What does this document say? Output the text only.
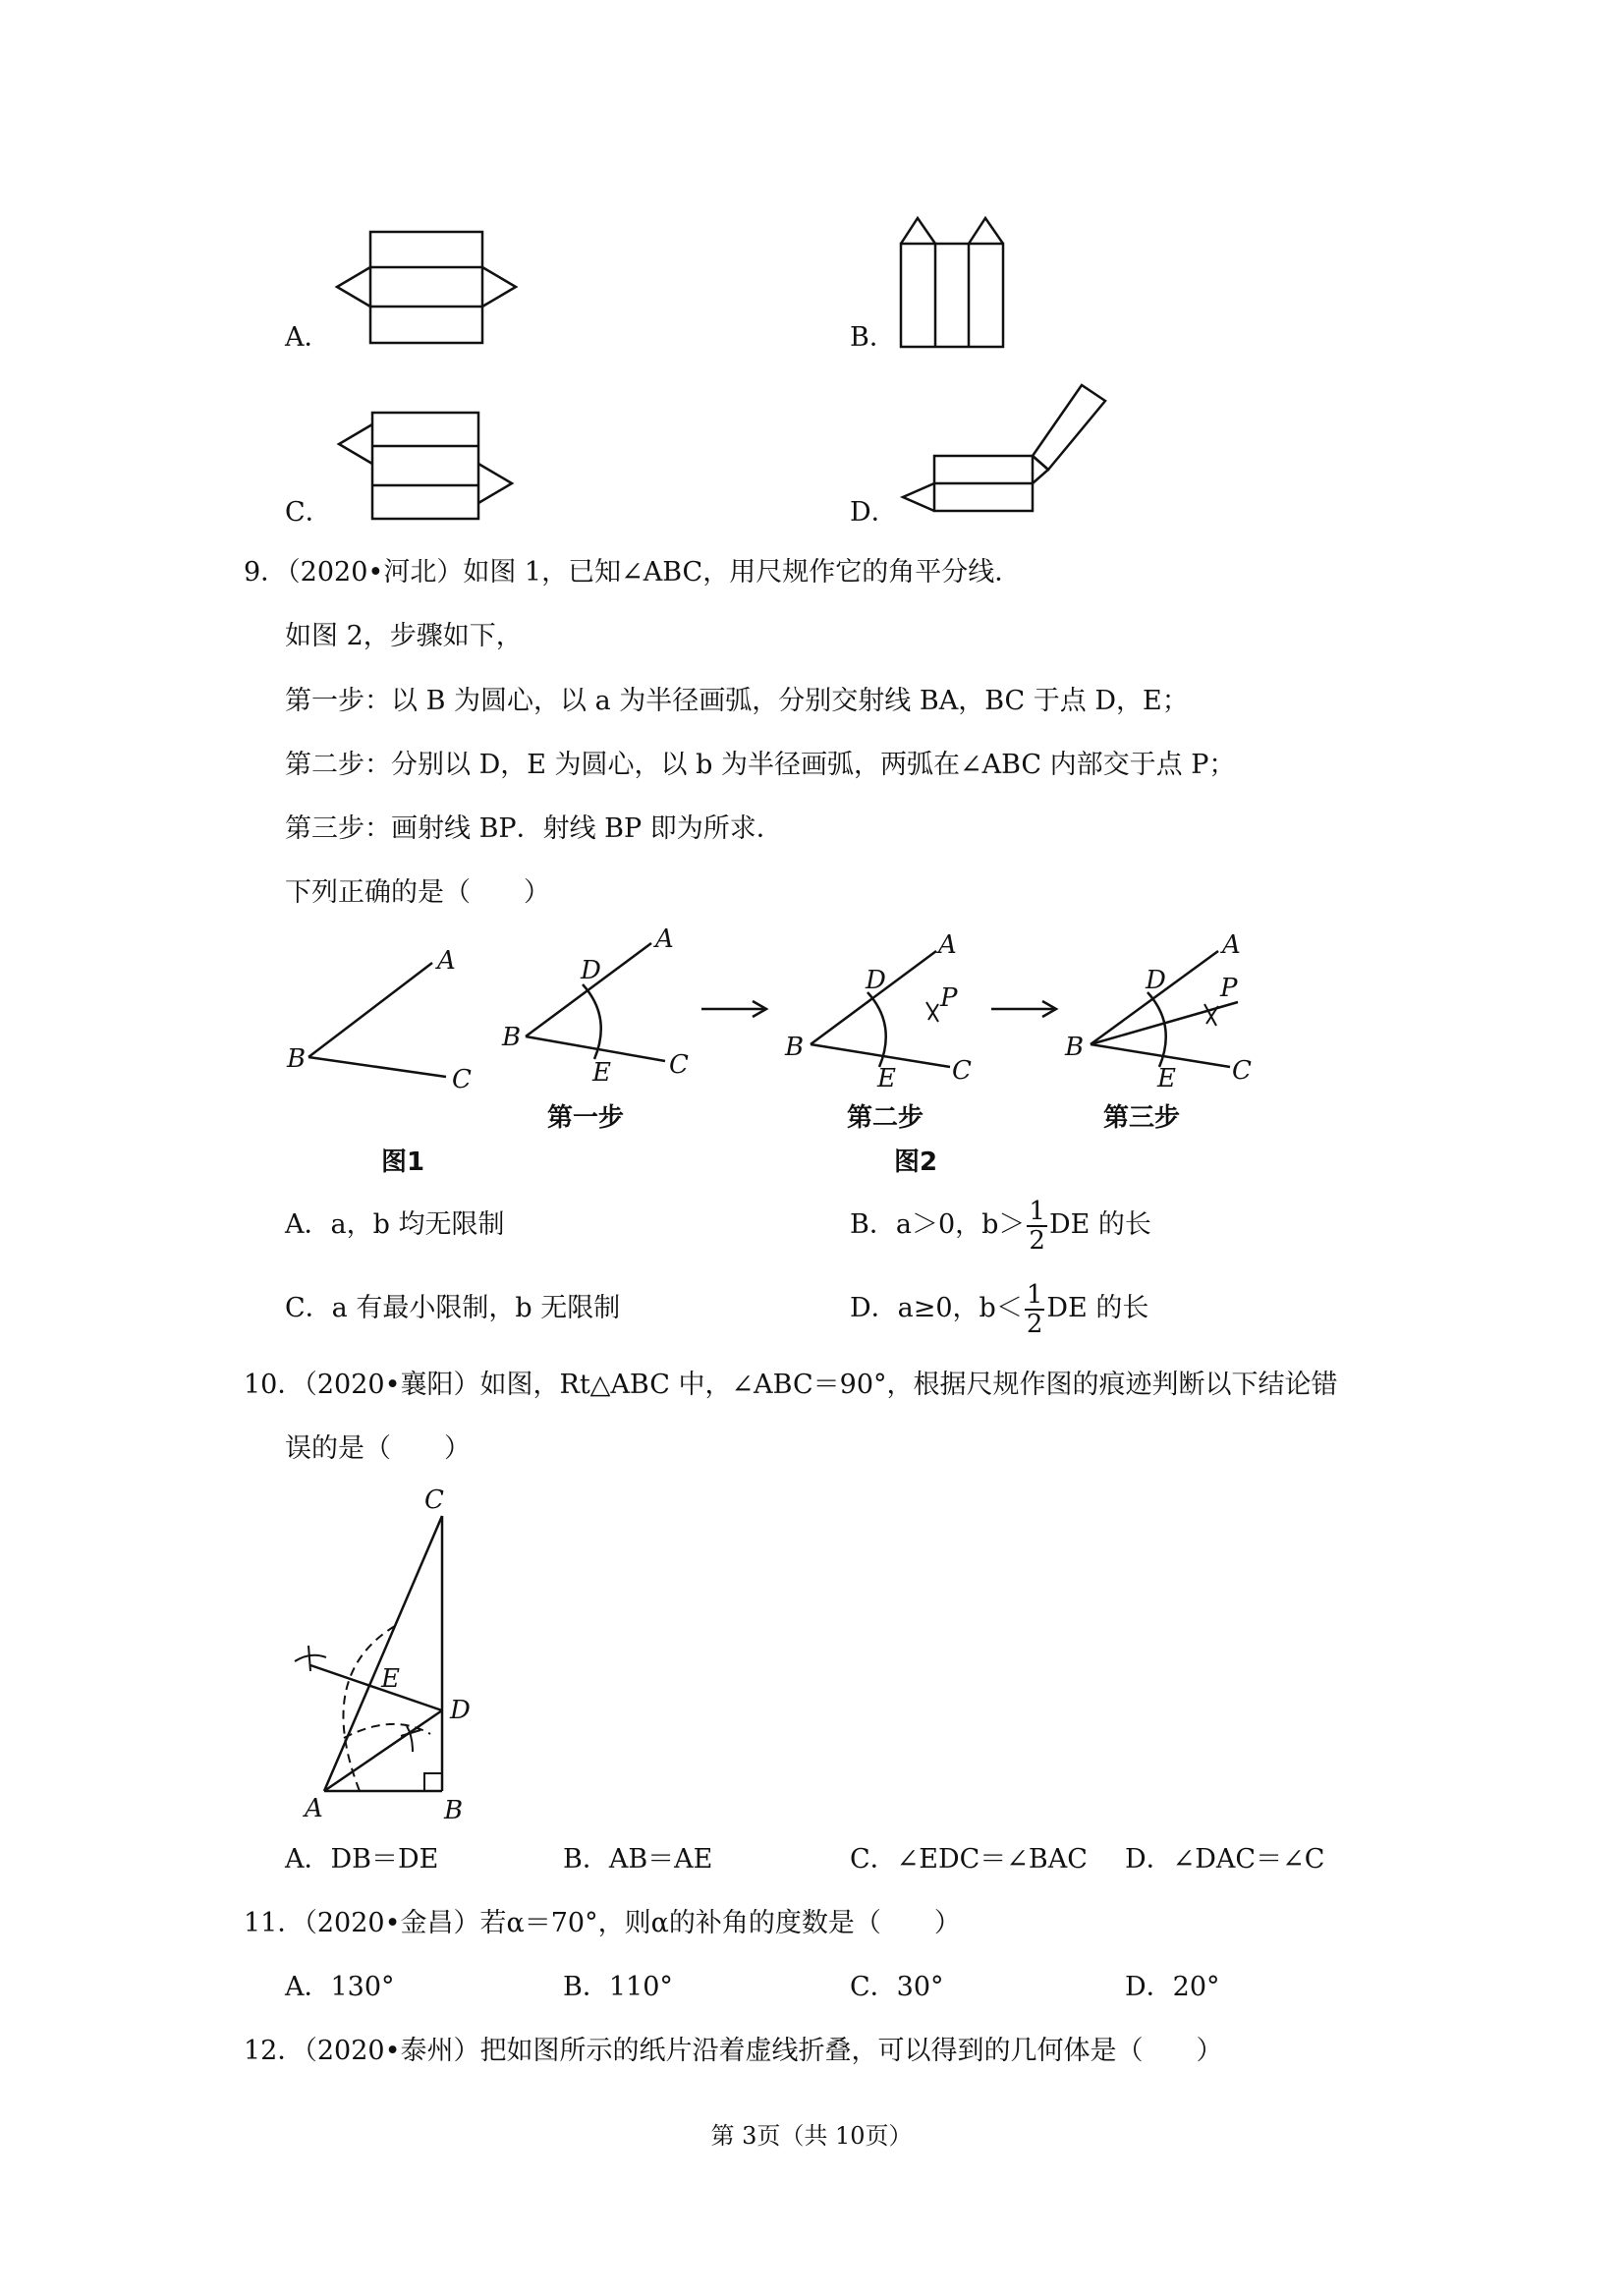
A．	B．
C．	D．
9．（2020•河北）如图 1，已知∠ABC，用尺规作它的角平分线．
如图 2，步骤如下，
第一步：以 B 为圆心，以 a 为半径画弧，分别交射线 BA，BC 于点 D，E；
第二步：分别以 D，E 为圆心，以 b 为半径画弧，两弧在∠ABC 内部交于点 P；
第三步：画射线 BP．射线 BP 即为所求．
下列正确的是（　　）
A
B
C
图1
A
B
C
D
E
第一步
A
B
C
D
E
P
第二步
图2
A
B
C
D
E
P
第三步
A．a，b 均无限制	B．a＞0，$b> \frac{1}{2}$ DE 的长
C．a 有最小限制，b 无限制	D．a≥0，$b< \frac{1}{2}$ DE 的长
10．（2020•襄阳）如图，Rt△ABC 中，∠ABC＝90°，根据尺规作图的痕迹判断以下结论错
误的是（　　）
C
E
D
A	B
A．DB＝DE	B．AB＝AE	C．∠EDC＝∠BAC D．∠DAC＝∠C
11．（2020•金昌）若α＝70°，则α的补角的度数是（　　）
A．130°	B．110°	C．30°	D．20°
12．（2020•泰州）把如图所示的纸片沿着虚线折叠，可以得到的几何体是（　　）
第 3页（共 10页）
